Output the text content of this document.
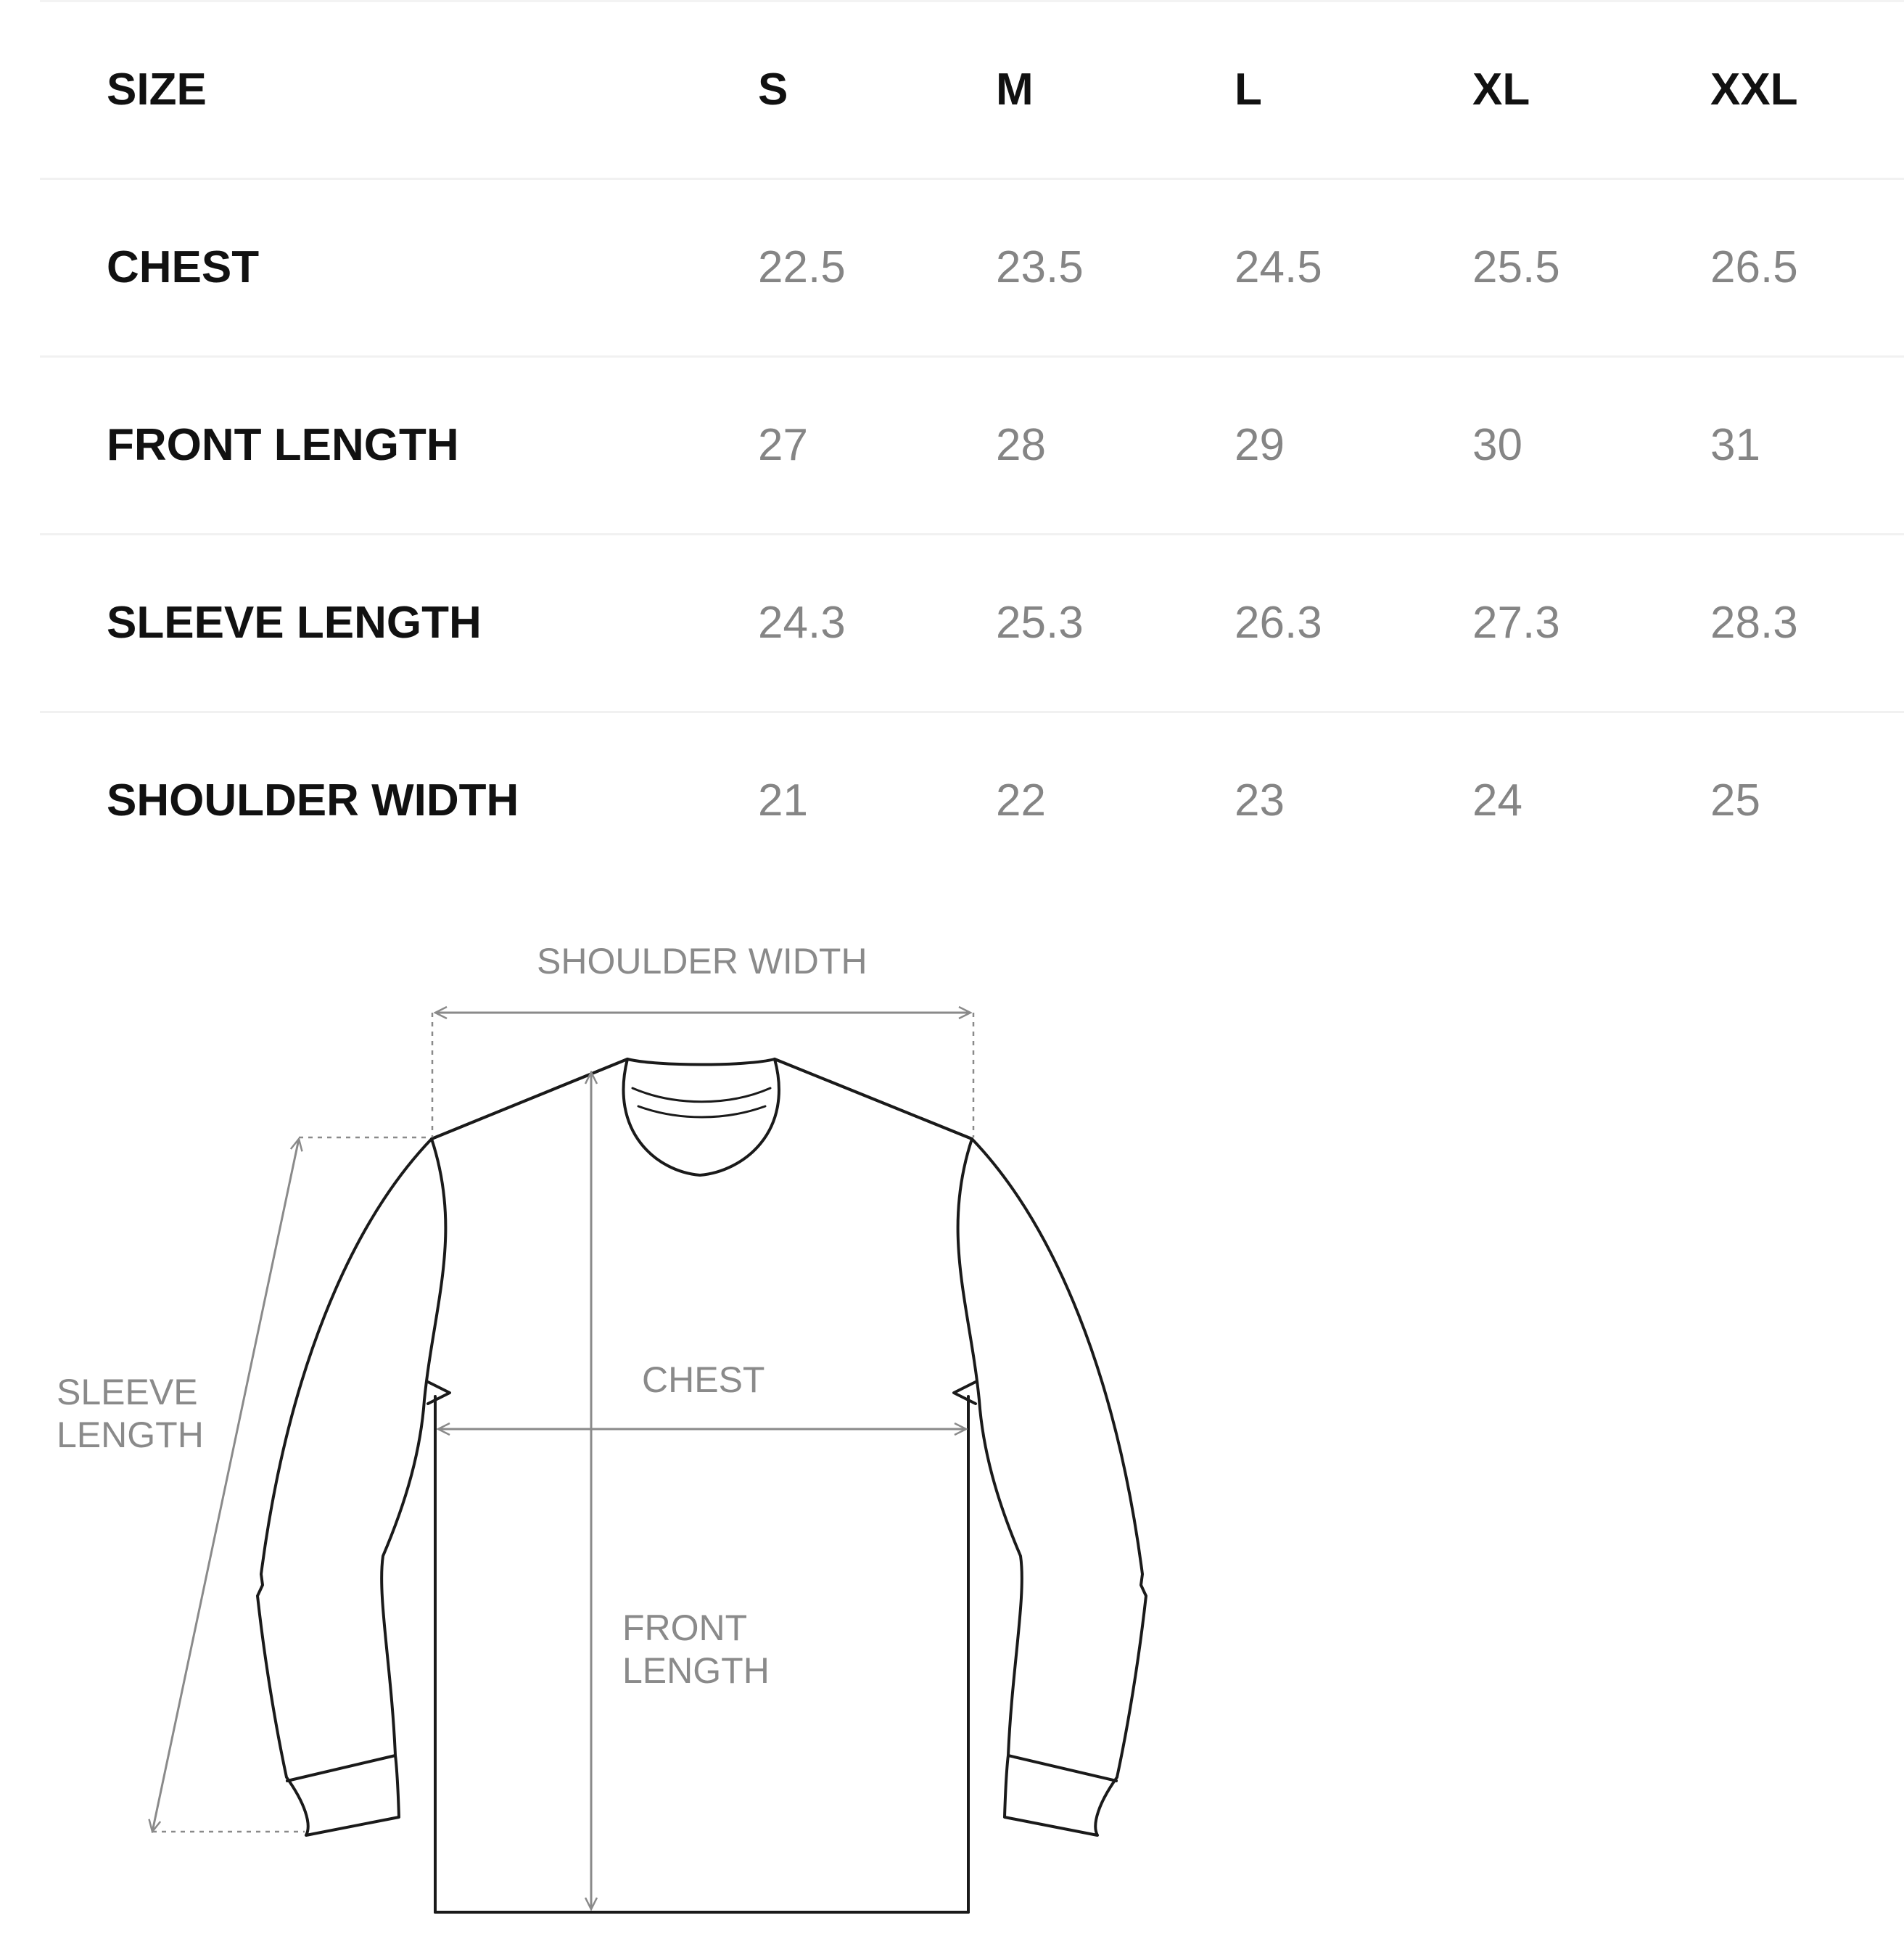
SIZE	S	M	L	XL	XXL
CHEST	22.5	23.5	24.5	25.5	26.5
FRONT LENGTH	27	28	29	30	31
SLEEVE LENGTH	24.3	25.3	26.3	27.3	28.3
SHOULDER WIDTH	21	22	23	24	25
SHOULDER WIDTH
CHEST
FRONT
LENGTH
SLEEVE
LENGTH
